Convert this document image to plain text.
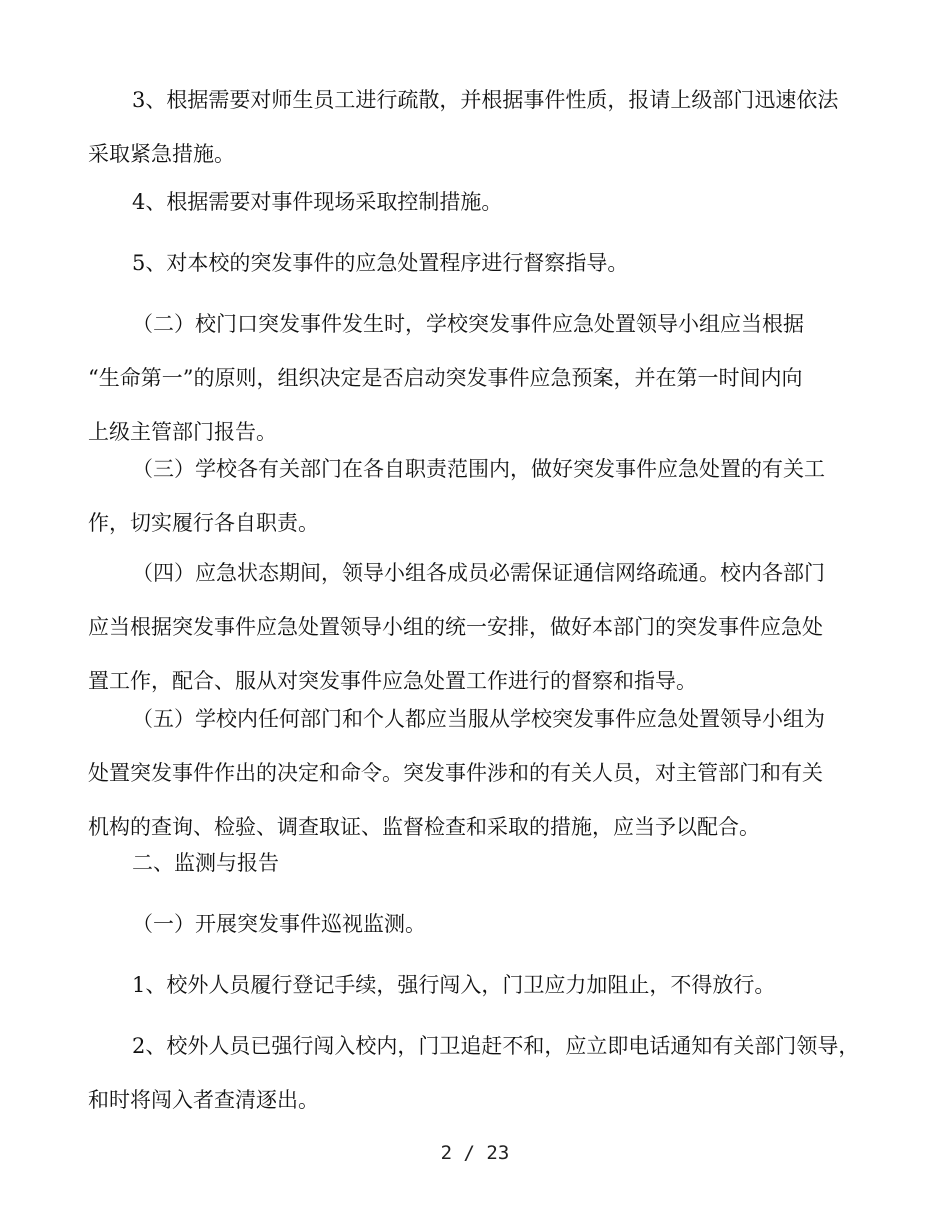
3、根据需要对师生员工进行疏散，并根据事件性质，报请上级部门迅速依法
采取紧急措施。
4、根据需要对事件现场采取控制措施。
5、对本校的突发事件的应急处置程序进行督察指导。
（二）校门口突发事件发生时，学校突发事件应急处置领导小组应当根据
“生命第一”的原则，组织决定是否启动突发事件应急预案，并在第一时间内向
上级主管部门报告。
（三）学校各有关部门在各自职责范围内，做好突发事件应急处置的有关工
作，切实履行各自职责。
（四）应急状态期间，领导小组各成员必需保证通信网络疏通。校内各部门
应当根据突发事件应急处置领导小组的统一安排，做好本部门的突发事件应急处
置工作，配合、服从对突发事件应急处置工作进行的督察和指导。
（五）学校内任何部门和个人都应当服从学校突发事件应急处置领导小组为
处置突发事件作出的决定和命令。突发事件涉和的有关人员，对主管部门和有关
机构的查询、检验、调查取证、监督检查和采取的措施，应当予以配合。
二、监测与报告
（一）开展突发事件巡视监测。
1、校外人员履行登记手续，强行闯入，门卫应力加阻止，不得放行。
2、校外人员已强行闯入校内，门卫追赶不和，应立即电话通知有关部门领导，
和时将闯入者查清逐出。
2 / 23
